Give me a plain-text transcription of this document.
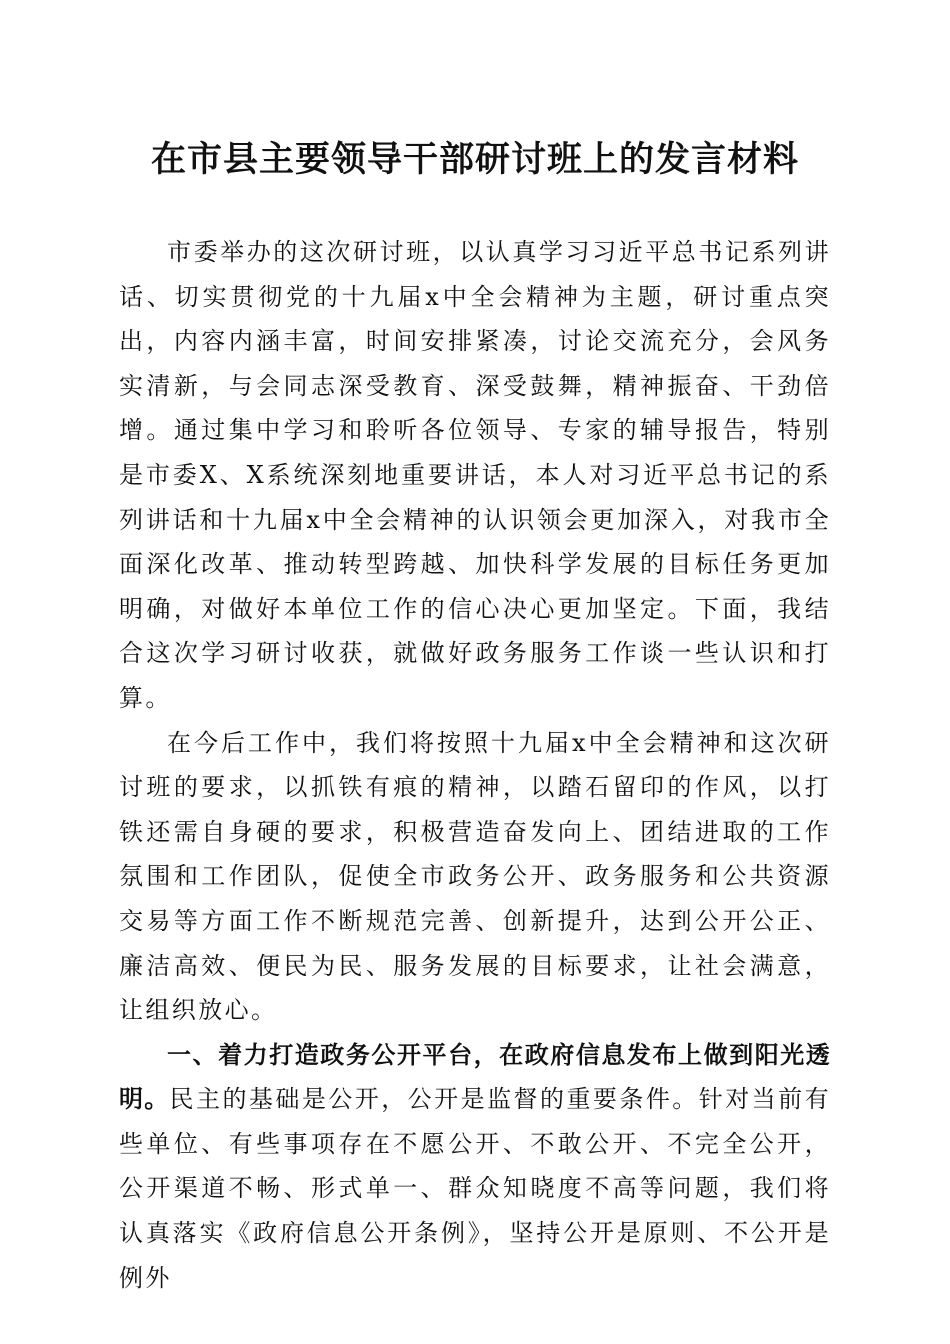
在市县主要领导干部研讨班上的发言材料

市委举办的这次研讨班，以认真学习习近平总书记系列讲话、切实贯彻党的十九届x中全会精神为主题，研讨重点突出，内容内涵丰富，时间安排紧凑，讨论交流充分，会风务实清新，与会同志深受教育、深受鼓舞，精神振奋、干劲倍增。通过集中学习和聆听各位领导、专家的辅导报告，特别是市委X、X系统深刻地重要讲话，本人对习近平总书记的系列讲话和十九届x中全会精神的认识领会更加深入，对我市全面深化改革、推动转型跨越、加快科学发展的目标任务更加明确，对做好本单位工作的信心决心更加坚定。下面，我结合这次学习研讨收获，就做好政务服务工作谈一些认识和打算。

在今后工作中，我们将按照十九届x中全会精神和这次研讨班的要求，以抓铁有痕的精神，以踏石留印的作风，以打铁还需自身硬的要求，积极营造奋发向上、团结进取的工作氛围和工作团队，促使全市政务公开、政务服务和公共资源交易等方面工作不断规范完善、创新提升，达到公开公正、廉洁高效、便民为民、服务发展的目标要求，让社会满意，让组织放心。

一、着力打造政务公开平台，在政府信息发布上做到阳光透明。民主的基础是公开，公开是监督的重要条件。针对当前有些单位、有些事项存在不愿公开、不敢公开、不完全公开，公开渠道不畅、形式单一、群众知晓度不高等问题，我们将认真落实《政府信息公开条例》，坚持公开是原则、不公开是例外
